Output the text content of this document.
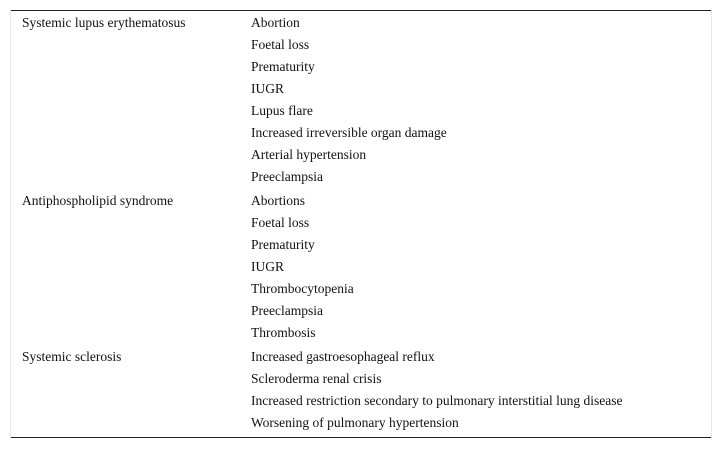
Systemic lupus erythematosus	Abortion
Foetal loss
Prematurity
IUGR
Lupus flare
Increased irreversible organ damage
Arterial hypertension
Preeclampsia
Antiphospholipid syndrome	Abortions
Foetal loss
Prematurity
IUGR
Thrombocytopenia
Preeclampsia
Thrombosis
Systemic sclerosis	Increased gastroesophageal reflux
Scleroderma renal crisis
Increased restriction secondary to pulmonary interstitial lung disease
Worsening of pulmonary hypertension
